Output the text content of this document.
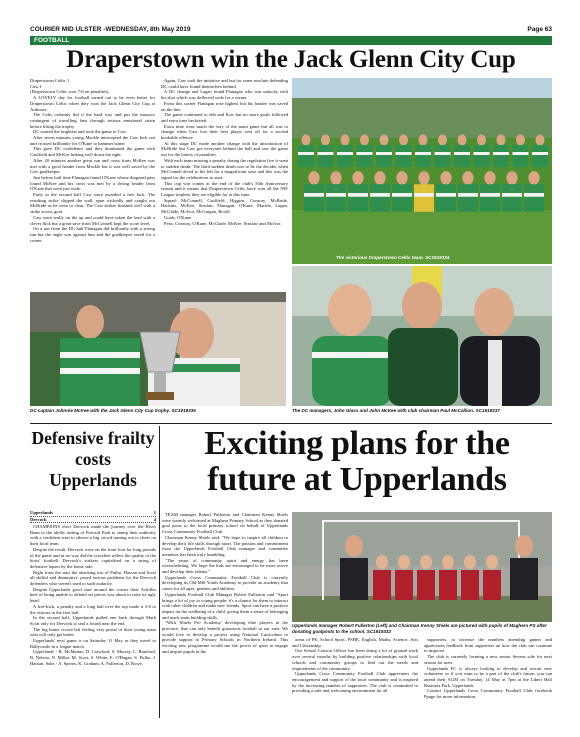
COURIER MID ULSTER -WEDNESDAY, 8th May 2019	Page 63
FOOTBALL
Draperstown win the Jack Glenn City Cup

Draperstown Celtic 1

Caw 1

(Draperstown Celtic won 7-6 on penalties)

A LOVELY day for football turned out to be even better for Draperstown Celtic when they won the Jack Glenn City Cup at Ardmore.

The Celts certainly did it the hard way and put the massive contingent of travelling fans through serious emotional strain before lifting the trophy.

DC started the brightest and took the game to Caw.

After seven minutes young Mackle intercepted the Caw kick out and crossed brilliantly for O'Kane to hammer home.

This gave DC confidence and they dominated the game with Caulfield and McKee linking well down the right.

After 20 minutes another great run and cross from McKee was met with a good header from Mackle but it was well saved by the Caw goalkeeper.

Just before half time Flanagan found O'Kane whose diagonal pass found McKee and his cross was met by a diving header from O'Kane that went just wide.

Early in the second half Caw were awarded a free kick. The resulting strike clipped the wall, spun wickedly and caught out McBride as he went to clear. The Caw striker finished well with a strike across goal.

Caw were really on the up and could have taken the lead with a clever flick but a great save from McConnell kept the score level.

On a run from the DC half Flanagan did brilliantly with a strong run but the angle was against him and the goalkeeper saved for a corner.

Again, Caw took the initiative and but for some resolute defending DC could have found themselves behind.

A DC change and Lagan found Flanagan who was unlucky with his shot which was deflected wide for a corner.

From this corner Flanagan rose highest but his header was saved on the line.

The game continued to ebb and flow but no more goals followed and extra time beckoned.

Extra time went much the way of the main game but all was to change when Caw lost their best player sent off for a second bookable offence.

At this stage DC made another change with the introduction of McBride but Caw got everyone behind the ball and saw the game out for the lottery of penalties.

With each team missing a penalty during the regulation five it went to sudden death. The third sudden death was to be the decider when McConnell dived to his left for a magnificent save and this was the signal for the celebrations to start.

This cup win comes at the end of the club's 50th Anniversary season and it means that Draperstown Celtic have won all the NW League trophies they are eligible for at this time.

Squad: McConnell, Caulfield, Higgins, Conway, McBride, Hackins, McKee, Sinclair, Flanagan, O'Kane, Mackle, Lagan, McGlade, McIvor, McGuigan, Bovill.

Goals: O'Kane.

Pens: Conway, O'Kane, McGlade, McKee, Sinclair and McIvor.

The victorious Draperstown Celtic team. SC1919334
DC captain Johnnie McKee with the Jack Glenn City Cup trophy. SC1919336	The DC managers, John Glass and John McKee with club chairman Paul McCallion. SC1919337
Defensive frailty costs Upperlands
Upperlands	1
Dervock	4

CHAMPIONS elect Dervock made the journey over the River Bann to the idyllic setting of Festival Park to stamp their authority with a confident strut to silence a big crowd turning out to cheer on their local team.

Despite the result, Dervock were on the front foot for long periods of the game and in no way did the scoreline reflect the quality of the hosts' football. Dervock's strikers capitalised on a string of defensive lapses by the home side.

Right from the start the attacking trio of Pulho, Hassan and Scott all skilful and diminutive, posed serious problems for the Dervock defenders who weren't used to such audacity.

Despite Upperlands good start around the corner their Achilles heel of being unable to defend set pieces was about to raise its ugly head.

A free-kick, a penalty and a long ball over the top made it 3-0 to the visitors in the first half.

In the second half, Upperlands pulled one back through Mark Scott only for Dervock to seal a fourth near the end.

The big home crowd left feeling very proud of their young team who will only get better.

Upperlands' next game is on Saturday 11 May as they travel to Ballycastle in a league match.

Upperlands - B. McManus; D. Crawford, S. Murray, L. Bamford, B. Nelson, N. Millar, M. Scott, S. White, E. O'Hagan, S. Pulho, J. Hassan. Subs - A. Spears, K. Graham, A. Fullerton, D. Rowe.

Exciting plans for the future at Upperlands

TEAM manager Robert Fullerton and Chairman Kenny Shiels were warmly welcomed at Maghera Primary School as they donated goal posts to the local primary school on behalf of Upperlands Cross Community Football Club.

Chairman Kenny Shiels said: "We hope to inspire all children to develop their life skills through sport. The passion and commitment from the Upperlands Football Club manager and committee members has been truly humbling.

"The sense of community spirit and energy has been overwhelming. We hope the kids are encouraged to be more active and develop their talents."

Upperlands Cross Community Football Club is currently developing its Old Mill Youth Academy to provide an academy that caters for all ages, genders and abilities.

Upperlands Football Club Manager Robert Fullerton said "Sport brings a lot of joy to young people; it's a chance for them to interact with other children and make new friends. Sport can have a positive impact on the wellbeing of a child, giving them a sense of belonging and teach team building skills.

"With 'Shiels Pro Academy' developing elite players in the province, that can only benefit grassroots football in our area. We would love to develop a project using National Curriculum to provide support to Primary Schools in Northern Ireland. This exciting new programme would use the power of sport to engage and inspire pupils in the

Upperlands manager Robert Fullerton (Left) and Chairman Kenny Shiels are pictured with pupils of Maghera PS after donating goalposts to the school. SC1919332

areas of PE, School Sport, PSHE, English, Maths, Science, Arts and Citizenship.

Our School Liaison Officer has been doing a lot of ground work over several months by building positive relationships with local schools and community groups to find out the needs and requirements of the community.

Upperlands Cross Community Football Club appreciates the encouragement and support of the local community and is inspired by the increasing number of supporters. The club is committed to providing a safe and welcoming environment for all

supporters, to increase the numbers attending games and appreciates feedback from supporters on how the club can continue to improve.

The club is currently forming a new senior Sevens side for next season for men.

Upperlands FC is always looking to develop and recruit new volunteers so if you want to be a part of the club's future, you can attend their AGM on Tuesday, 14 May at 7pm at the Liberi Hall Business Park, Upperlands.

Contact Upperlands Cross Community Football Club facebook Ppage for more information.
